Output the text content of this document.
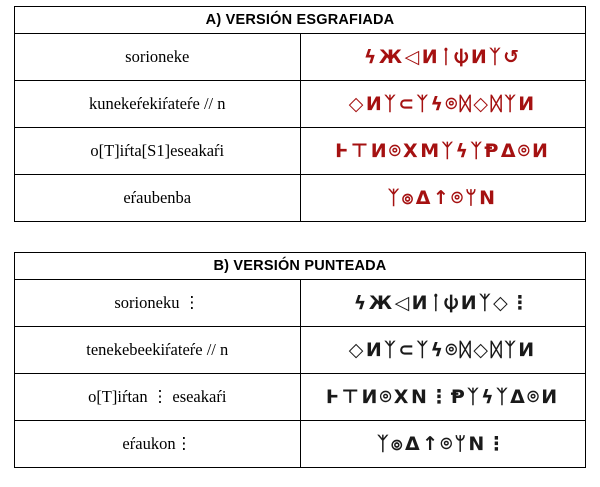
A) VERSIÓN ESGRAFIADA	
sorioneke	ϟЖ◁Ͷᛙ𐌸Ͷᛉ↺
kunekeŕekiŕateŕe // n	◇Ͷᛉ⊂ᛉϟ⌾ᛞ◇ᛞᛉͶ
o[T]iŕta[S1]eseakaŕi	Ͱ⊤Ͷ⌾ΧMᛉϟᛉⱣᐃ⌾Ͷ
eŕaubenba	ᛉ⌾ᐃ↑⌾ᛘΝ
B) VERSIÓN PUNTEADA	
sorioneku ⋮	ϟЖ◁Ͷᛙ𐌸Ͷᛉ◇⋮
tenekebeekiŕateŕe // n	◇Ͷᛉ⊂ᛉϟ⌾ᛞ◇ᛞᛉͶ
o[T]iŕtan ⋮ eseakaŕi	Ͱ⊤Ͷ⌾ΧΝ⋮Ᵽᛉϟᛉᐃ⌾Ͷ
eŕaukon⋮	ᛉ⌾ᐃ↑⌾ᛘΝ⋮
